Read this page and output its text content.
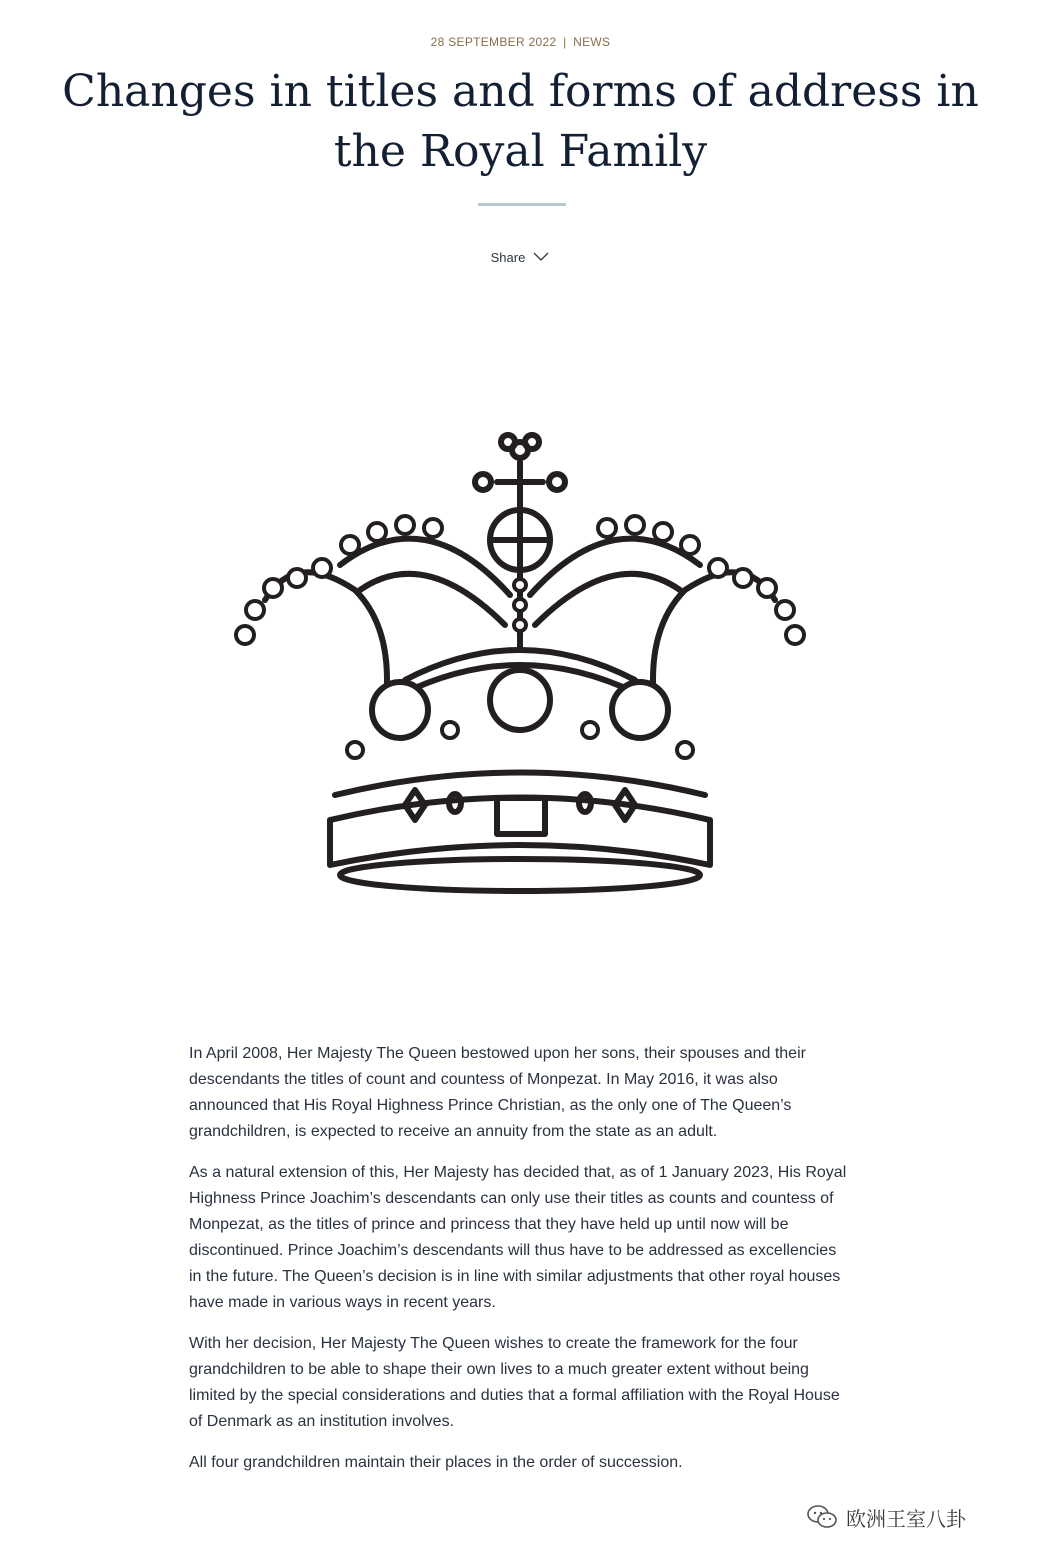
28 SEPTEMBER 2022 | NEWS
Changes in titles and forms of address in the Royal Family
Share

In April 2008, Her Majesty The Queen bestowed upon her sons, their spouses and their descendants the titles of count and countess of Monpezat. In May 2016, it was also announced that His Royal Highness Prince Christian, as the only one of The Queen’s grandchildren, is expected to receive an annuity from the state as an adult.

As a natural extension of this, Her Majesty has decided that, as of 1 January 2023, His Royal Highness Prince Joachim’s descendants can only use their titles as counts and countess of Monpezat, as the titles of prince and princess that they have held up until now will be discontinued. Prince Joachim’s descendants will thus have to be addressed as excellencies in the future. The Queen’s decision is in line with similar adjustments that other royal houses have made in various ways in recent years.

With her decision, Her Majesty The Queen wishes to create the framework for the four grandchildren to be able to shape their own lives to a much greater extent without being limited by the special considerations and duties that a formal affiliation with the Royal House of Denmark as an institution involves.

All four grandchildren maintain their places in the order of succession.

欧洲王室八卦
